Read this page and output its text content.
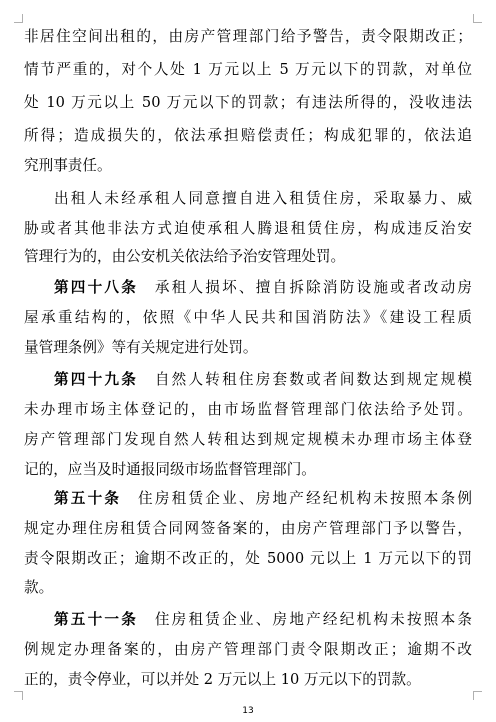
非居住空间出租的，由房产管理部门给予警告，责令限期改正；
情节严重的，对个人处 1 万元以上 5 万元以下的罚款，对单位
处 10 万元以上 50 万元以下的罚款；有违法所得的，没收违法
所得；造成损失的，依法承担赔偿责任；构成犯罪的，依法追
究刑事责任。
出租人未经承租人同意擅自进入租赁住房，采取暴力、威
胁或者其他非法方式迫使承租人腾退租赁住房，构成违反治安
管理行为的，由公安机关依法给予治安管理处罚。
第四十八条　 承租人损坏、擅自拆除消防设施或者改动房
屋承重结构的，依照《中华人民共和国消防法》《建设工程质
量管理条例》等有关规定进行处罚。
第四十九条　 自然人转租住房套数或者间数达到规定规模
未办理市场主体登记的，由市场监督管理部门依法给予处罚。
房产管理部门发现自然人转租达到规定规模未办理市场主体登
记的，应当及时通报同级市场监督管理部门。
第五十条　 住房租赁企业、房地产经纪机构未按照本条例
规定办理住房租赁合同网签备案的，由房产管理部门予以警告，
责令限期改正；逾期不改正的，处 5000 元以上 1 万元以下的罚
款。
第五十一条　 住房租赁企业、房地产经纪机构未按照本条
例规定办理备案的，由房产管理部门责令限期改正；逾期不改
正的，责令停业，可以并处 2 万元以上 10 万元以下的罚款。
13
